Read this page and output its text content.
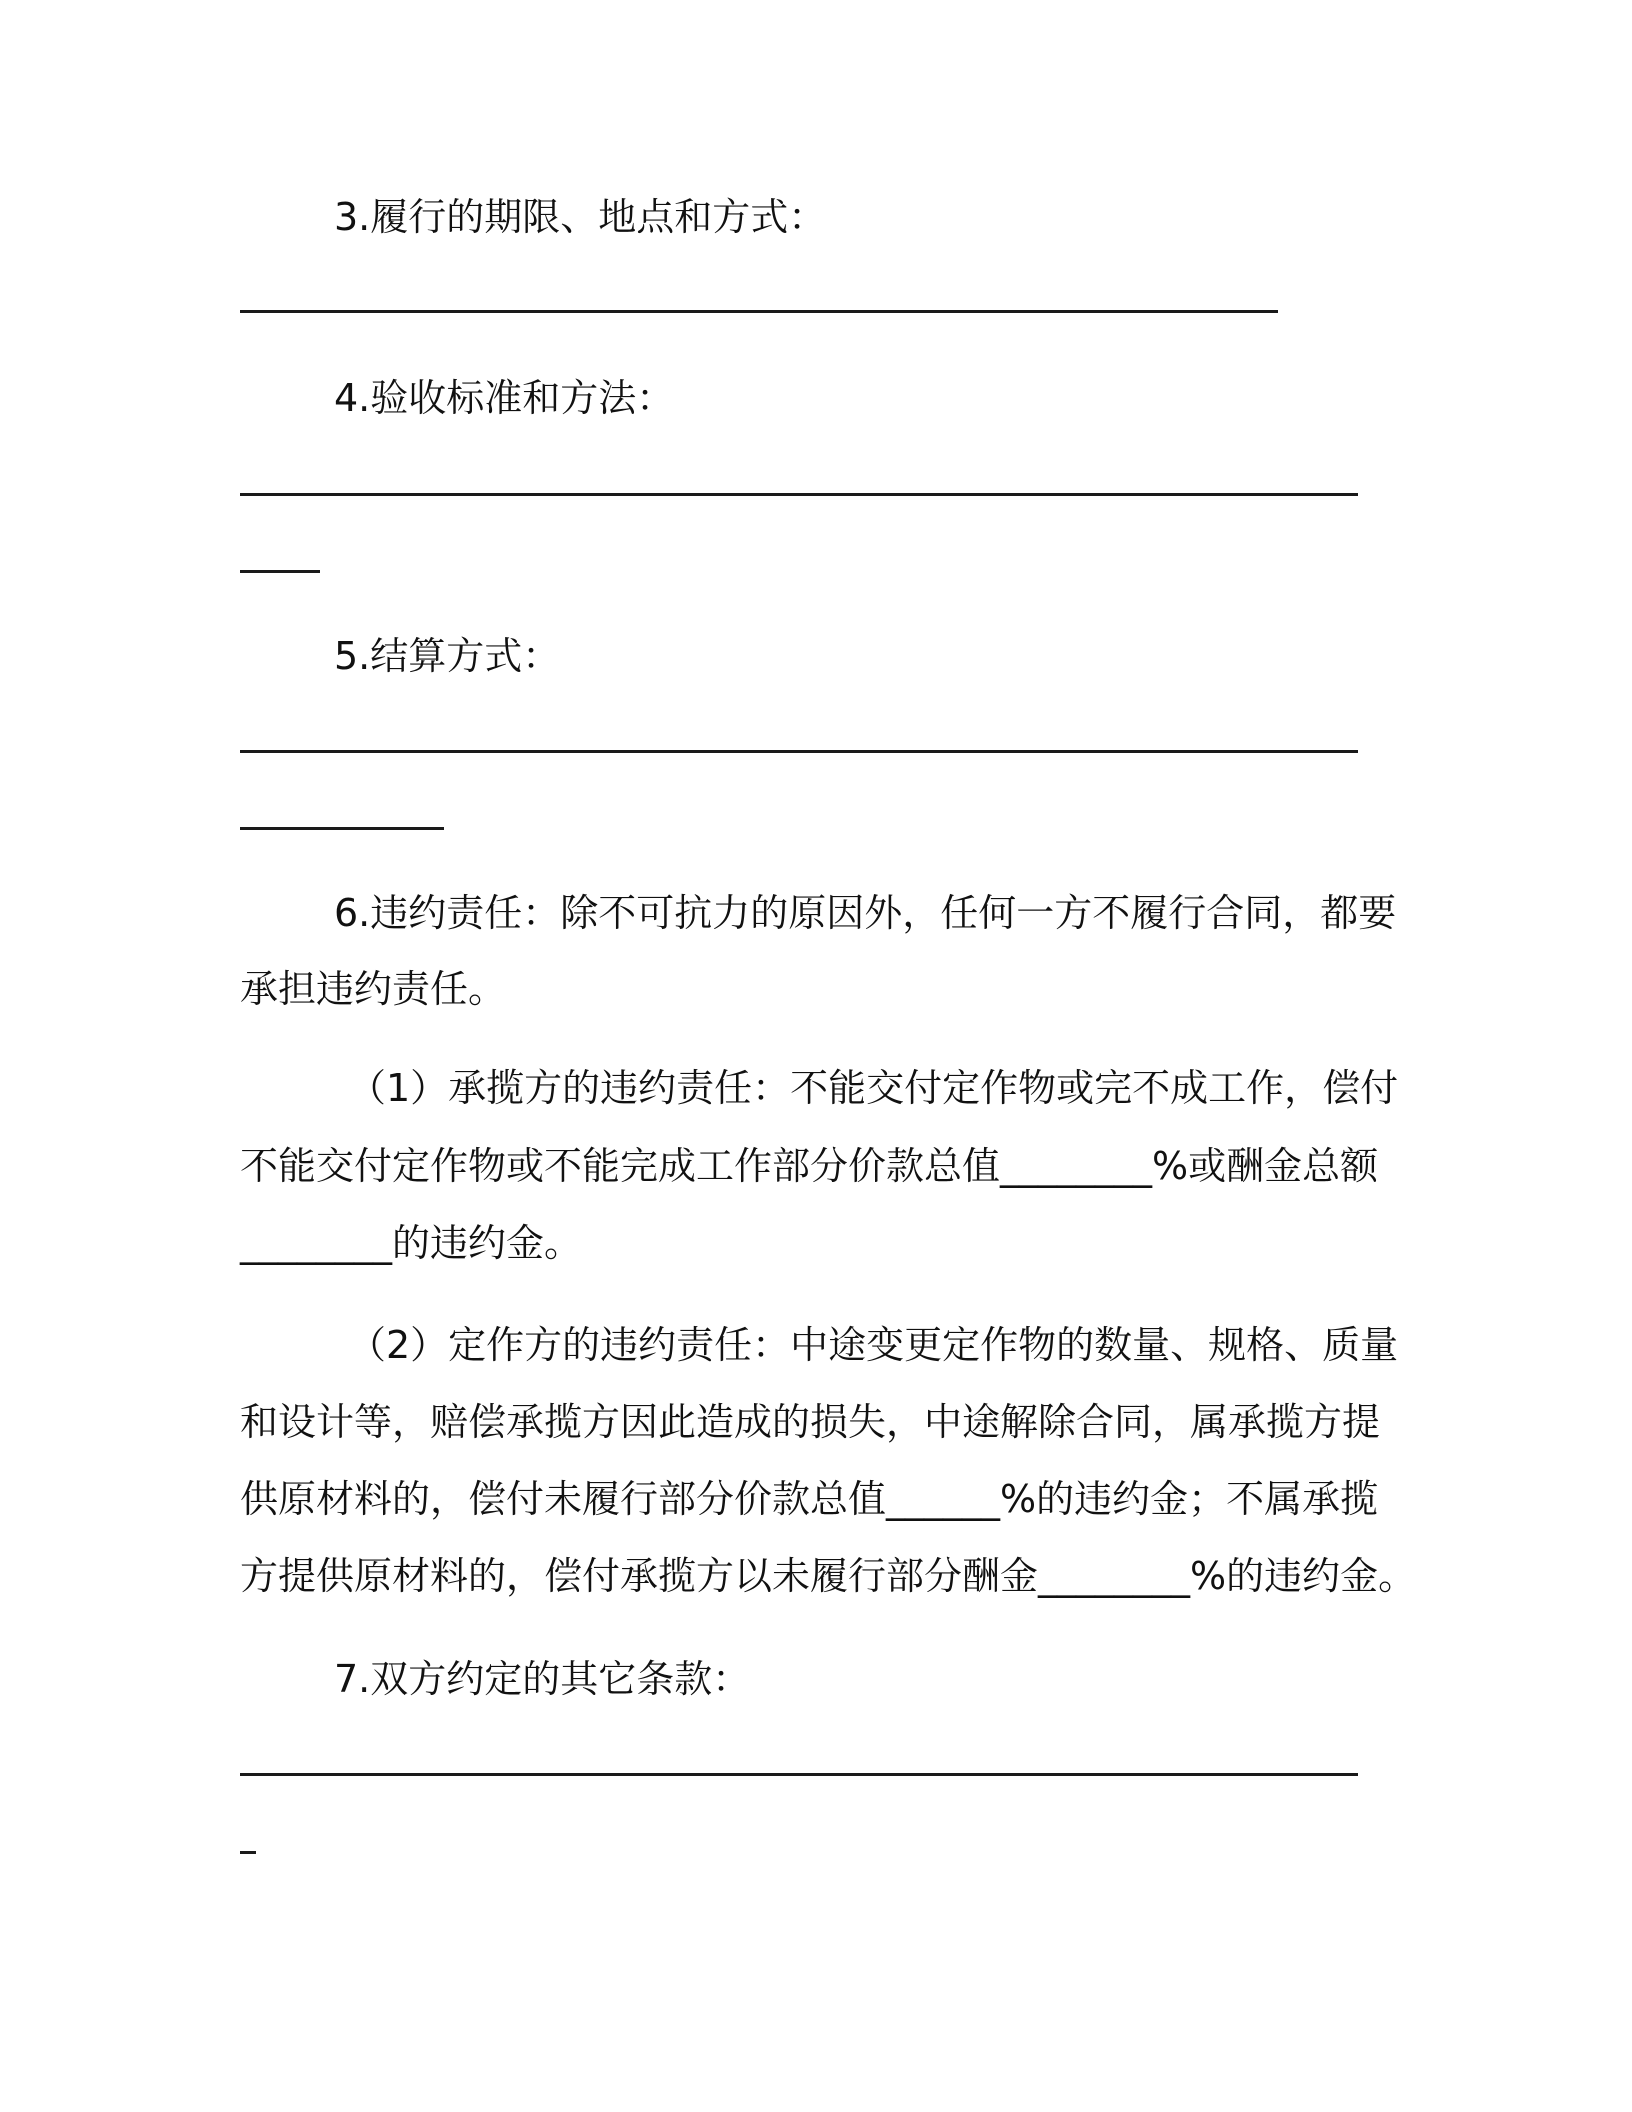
3.履行的期限、地点和方式：
4.验收标准和方法：
5.结算方式：
6.违约责任：除不可抗力的原因外，任何一方不履行合同，都要
承担违约责任。
（1）承揽方的违约责任：不能交付定作物或完不成工作，偿付
不能交付定作物或不能完成工作部分价款总值________%或酬金总额
________的违约金。
（2）定作方的违约责任：中途变更定作物的数量、规格、质量
和设计等，赔偿承揽方因此造成的损失，中途解除合同，属承揽方提
供原材料的，偿付未履行部分价款总值______%的违约金；不属承揽
方提供原材料的，偿付承揽方以未履行部分酬金________%的违约金。
7.双方约定的其它条款：
